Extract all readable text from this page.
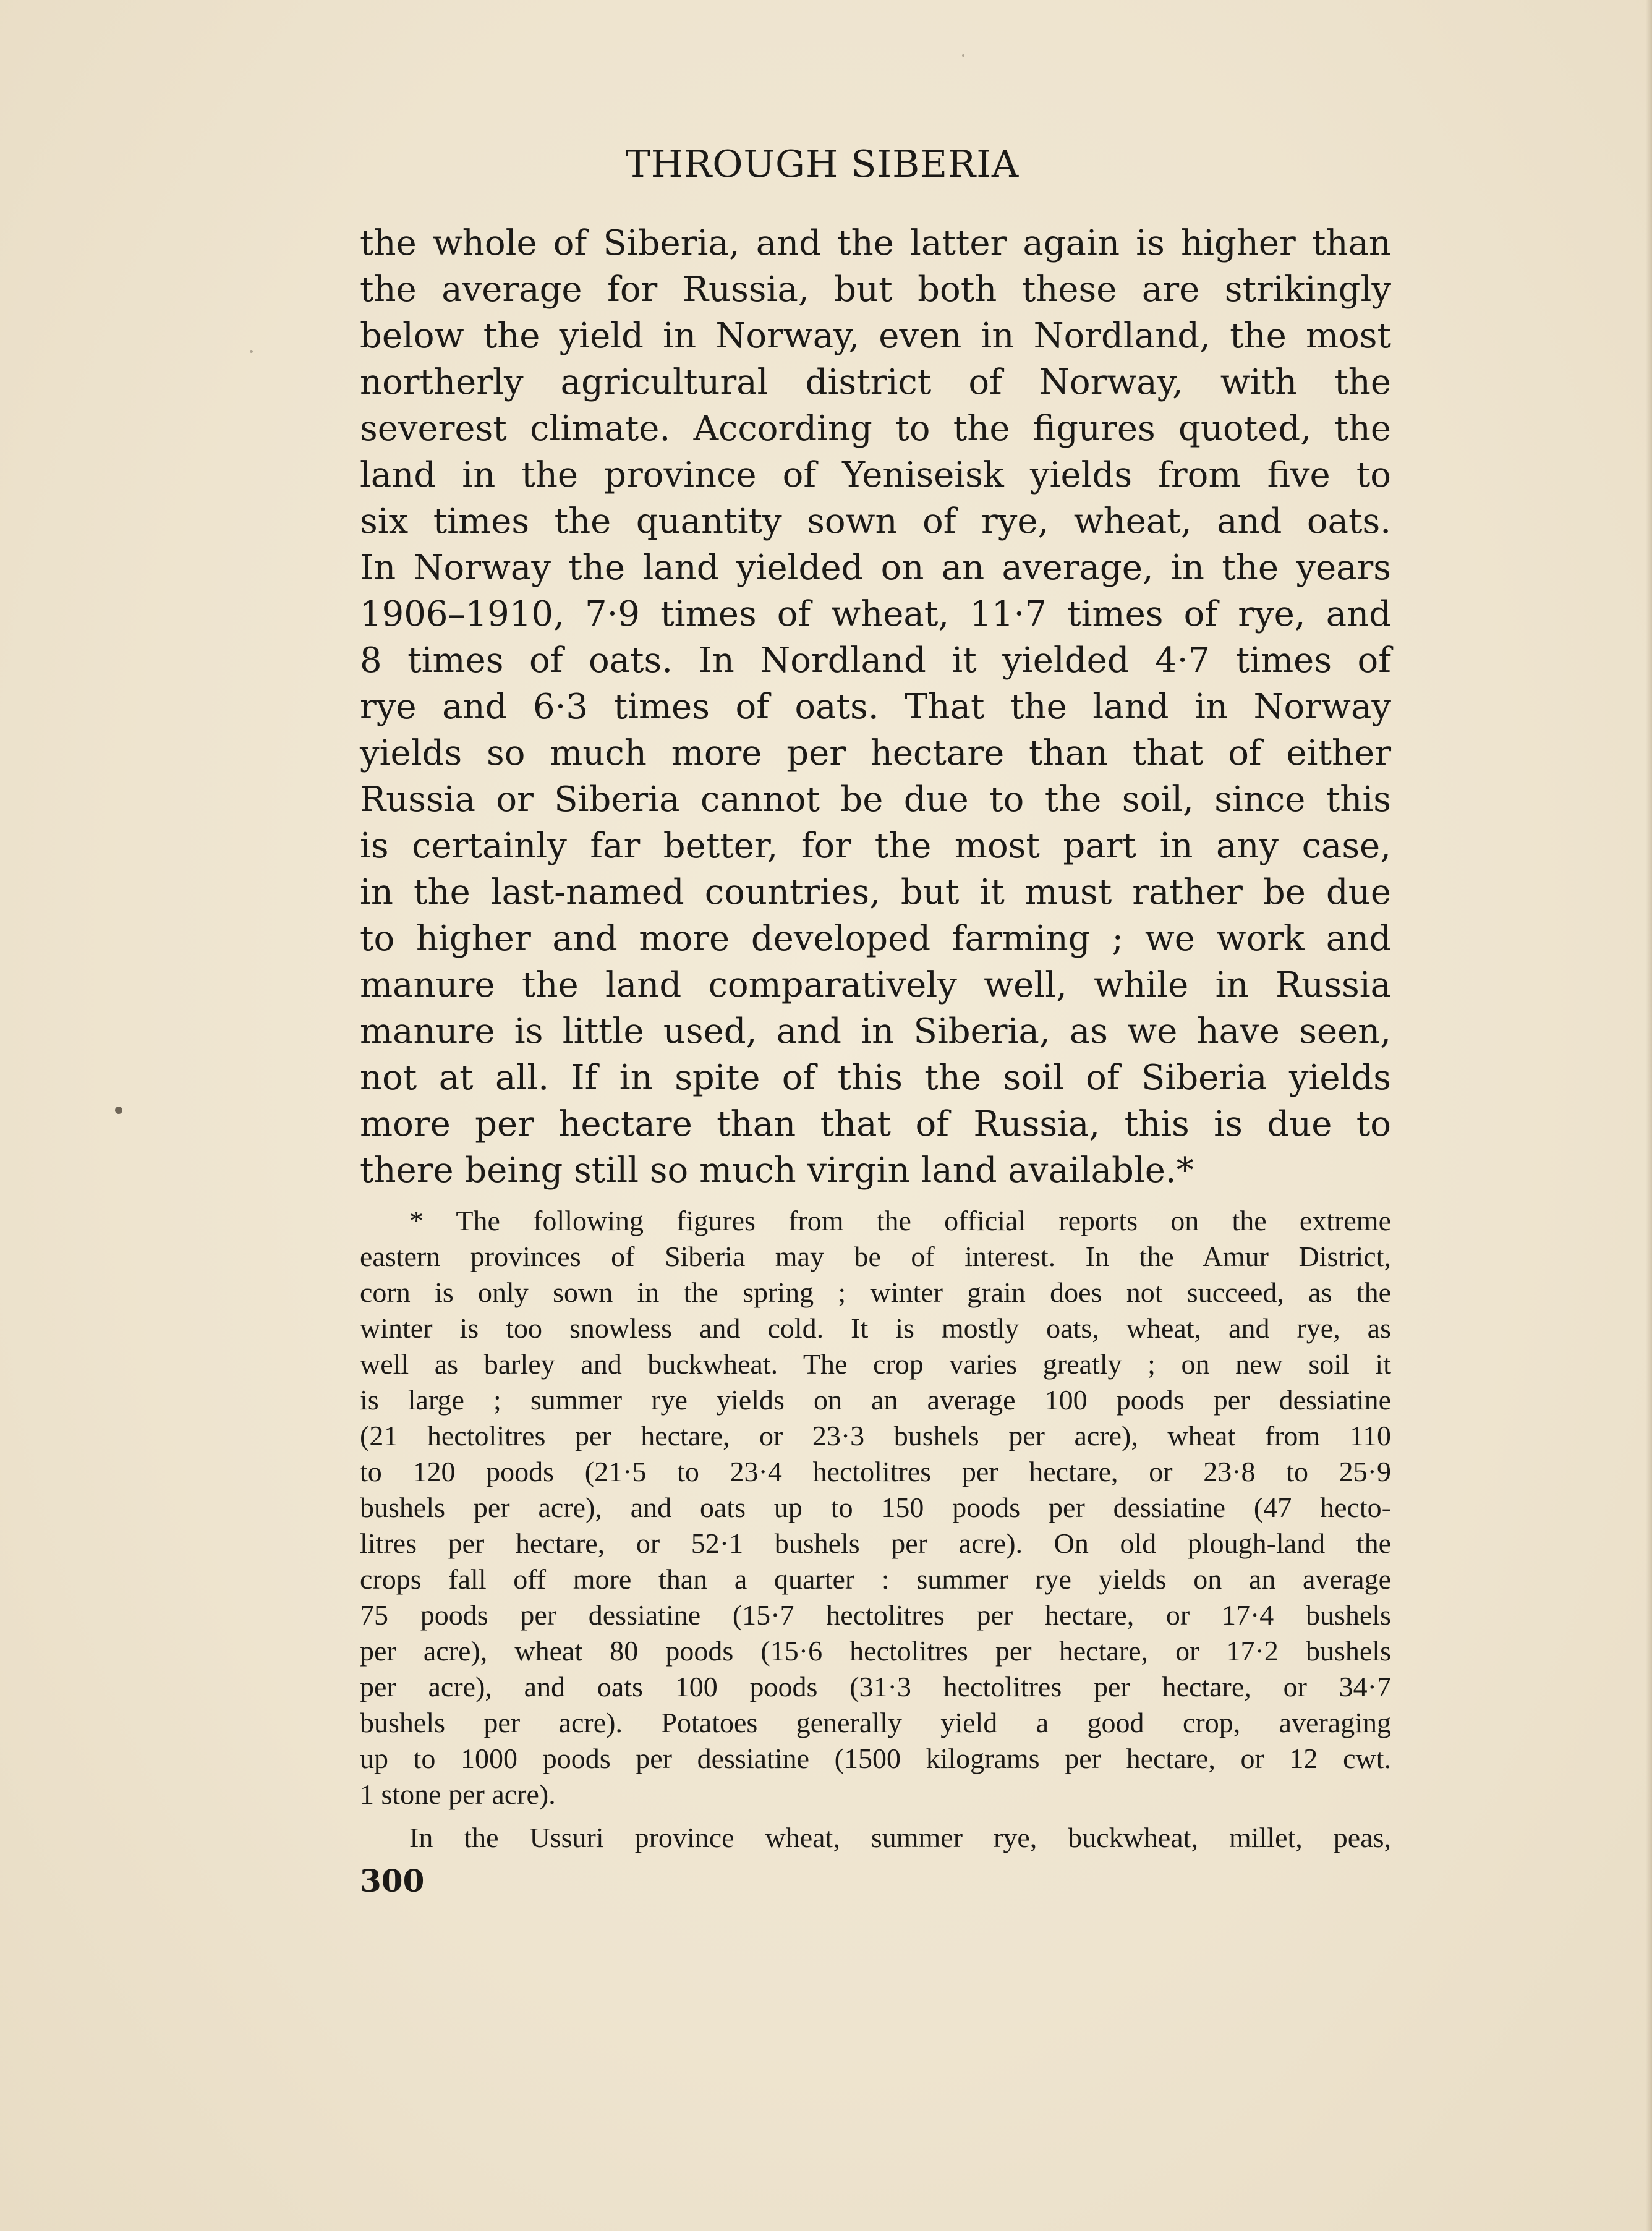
THROUGH SIBERIA
the whole of Siberia, and the latter again is higher than
the average for Russia, but both these are strikingly
below the yield in Norway, even in Nordland, the most
northerly agricultural district of Norway, with the
severest climate. According to the figures quoted, the
land in the province of Yeniseisk yields from five to
six times the quantity sown of rye, wheat, and oats.
In Norway the land yielded on an average, in the years
1906–1910, 7·9 times of wheat, 11·7 times of rye, and
8 times of oats. In Nordland it yielded 4·7 times of
rye and 6·3 times of oats. That the land in Norway
yields so much more per hectare than that of either
Russia or Siberia cannot be due to the soil, since this
is certainly far better, for the most part in any case,
in the last-named countries, but it must rather be due
to higher and more developed farming ; we work and
manure the land comparatively well, while in Russia
manure is little used, and in Siberia, as we have seen,
not at all. If in spite of this the soil of Siberia yields
more per hectare than that of Russia, this is due to
there being still so much virgin land available.*
* The following figures from the official reports on the extreme
eastern provinces of Siberia may be of interest. In the Amur District,
corn is only sown in the spring ; winter grain does not succeed, as the
winter is too snowless and cold. It is mostly oats, wheat, and rye, as
well as barley and buckwheat. The crop varies greatly ; on new soil it
is large ; summer rye yields on an average 100 poods per dessiatine
(21 hectolitres per hectare, or 23·3 bushels per acre), wheat from 110
to 120 poods (21·5 to 23·4 hectolitres per hectare, or 23·8 to 25·9
bushels per acre), and oats up to 150 poods per dessiatine (47 hecto-
litres per hectare, or 52·1 bushels per acre). On old plough-land the
crops fall off more than a quarter : summer rye yields on an average
75 poods per dessiatine (15·7 hectolitres per hectare, or 17·4 bushels
per acre), wheat 80 poods (15·6 hectolitres per hectare, or 17·2 bushels
per acre), and oats 100 poods (31·3 hectolitres per hectare, or 34·7
bushels per acre). Potatoes generally yield a good crop, averaging
up to 1000 poods per dessiatine (1500 kilograms per hectare, or 12 cwt.
1 stone per acre).
In the Ussuri province wheat, summer rye, buckwheat, millet, peas,
300
